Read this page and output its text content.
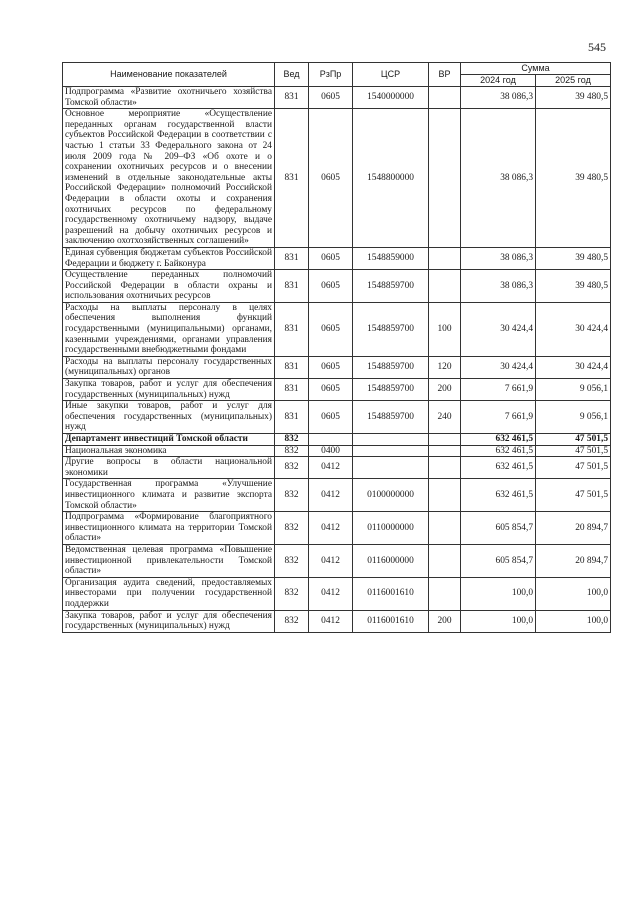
545
Наименование показателей	Вед	РзПр	ЦСР	ВР	Сумма	
					2024 год	2025 год
Подпрограмма «Развитие охотничьего хозяйства Томской области»	831	0605	1540000000		38 086,3	39 480,5
Основное мероприятие «Осуществление переданных органам государственной власти субъектов Российской Федерации в соответствии с частью 1 статьи 33 Федерального закона от 24 июля 2009 года № 209–ФЗ «Об охоте и о сохранении охотничьих ресурсов и о внесении изменений в отдельные законодательные акты Российской Федерации» полномочий Российской Федерации в области охоты и сохранения охотничьих ресурсов по федеральному государственному охотничьему надзору, выдаче разрешений на добычу охотничьих ресурсов и заключению охотхозяйственных соглашений»	831	0605	1548800000		38 086,3	39 480,5
Единая субвенция бюджетам субъектов Российской Федерации и бюджету г. Байконура	831	0605	1548859000		38 086,3	39 480,5
Осуществление переданных полномочий Российской Федерации в области охраны и использования охотничьих ресурсов	831	0605	1548859700		38 086,3	39 480,5
Расходы на выплаты персоналу в целях обеспечения выполнения функций государственными (муниципальными) органами, казенными учреждениями, органами управления государственными внебюджетными фондами	831	0605	1548859700	100	30 424,4	30 424,4
Расходы на выплаты персоналу государственных (муниципальных) органов	831	0605	1548859700	120	30 424,4	30 424,4
Закупка товаров, работ и услуг для обеспечения государственных (муниципальных) нужд	831	0605	1548859700	200	7 661,9	9 056,1
Иные закупки товаров, работ и услуг для обеспечения государственных (муниципальных) нужд	831	0605	1548859700	240	7 661,9	9 056,1
Департамент инвестиций Томской области	832				632 461,5	47 501,5
Национальная экономика	832	0400			632 461,5	47 501,5
Другие вопросы в области национальной экономики	832	0412			632 461,5	47 501,5
Государственная программа «Улучшение инвестиционного климата и развитие экспорта Томской области»	832	0412	0100000000		632 461,5	47 501,5
Подпрограмма «Формирование благоприятного инвестиционного климата на территории Томской области»	832	0412	0110000000		605 854,7	20 894,7
Ведомственная целевая программа «Повышение инвестиционной привлекательности Томской области»	832	0412	0116000000		605 854,7	20 894,7
Организация аудита сведений, предоставляемых инвесторами при получении государственной поддержки	832	0412	0116001610		100,0	100,0
Закупка товаров, работ и услуг для обеспечения государственных (муниципальных) нужд	832	0412	0116001610	200	100,0	100,0
